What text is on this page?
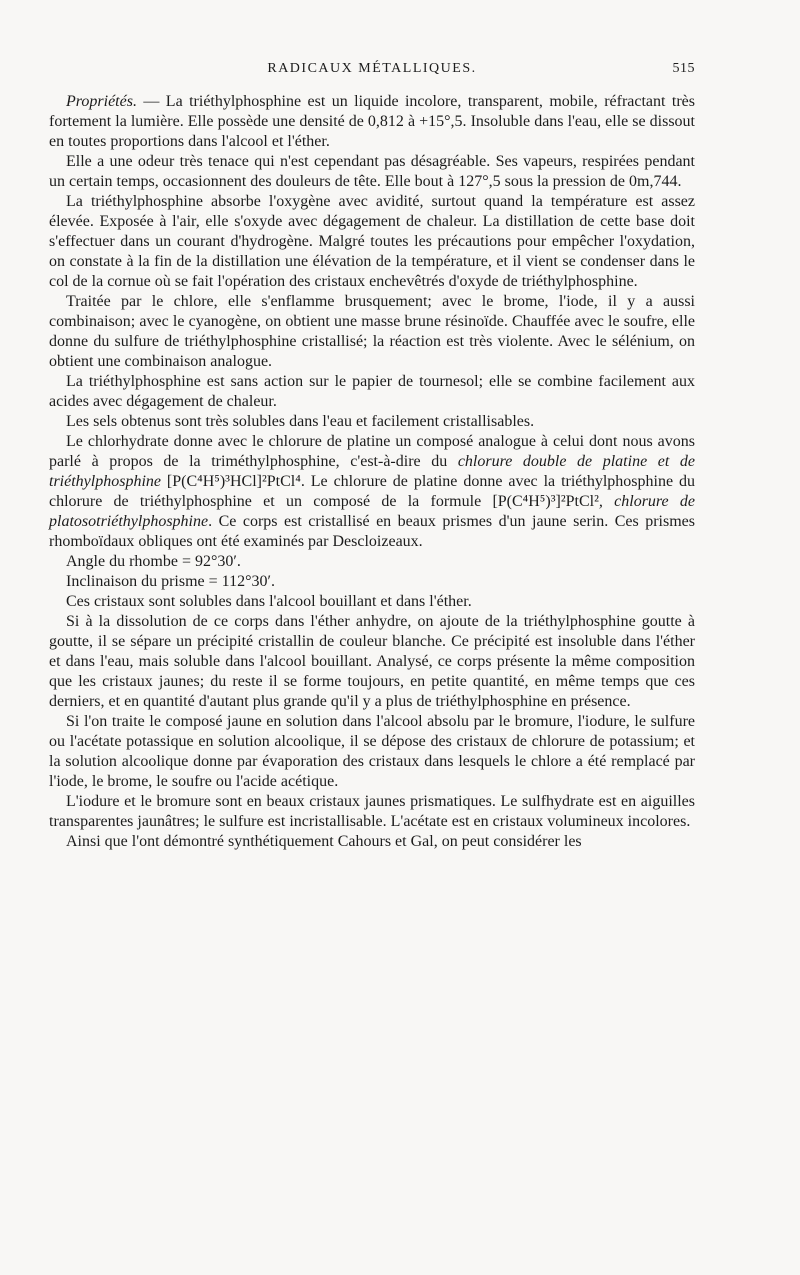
RADICAUX MÉTALLIQUES.	515

Propriétés. — La triéthylphosphine est un liquide incolore, transparent, mobile, réfractant très fortement la lumière. Elle possède une densité de 0,812 à +15°,5. Insoluble dans l'eau, elle se dissout en toutes proportions dans l'alcool et l'éther.

Elle a une odeur très tenace qui n'est cependant pas désagréable. Ses vapeurs, respirées pendant un certain temps, occasionnent des douleurs de tête. Elle bout à 127°,5 sous la pression de 0m,744.

La triéthylphosphine absorbe l'oxygène avec avidité, surtout quand la température est assez élevée. Exposée à l'air, elle s'oxyde avec dégagement de chaleur. La distillation de cette base doit s'effectuer dans un courant d'hydrogène. Malgré toutes les précautions pour empêcher l'oxydation, on constate à la fin de la distillation une élévation de la température, et il vient se condenser dans le col de la cornue où se fait l'opération des cristaux enchevêtrés d'oxyde de triéthylphosphine.

Traitée par le chlore, elle s'enflamme brusquement; avec le brome, l'iode, il y a aussi combinaison; avec le cyanogène, on obtient une masse brune résinoïde. Chauffée avec le soufre, elle donne du sulfure de triéthylphosphine cristallisé; la réaction est très violente. Avec le sélénium, on obtient une combinaison analogue.

La triéthylphosphine est sans action sur le papier de tournesol; elle se combine facilement aux acides avec dégagement de chaleur.

Les sels obtenus sont très solubles dans l'eau et facilement cristallisables.

Le chlorhydrate donne avec le chlorure de platine un composé analogue à celui dont nous avons parlé à propos de la triméthylphosphine, c'est-à-dire du chlorure double de platine et de triéthylphosphine [P(C⁴H⁵)³HCl]²PtCl⁴. Le chlorure de platine donne avec la triéthylphosphine du chlorure de triéthylphosphine et un composé de la formule [P(C⁴H⁵)³]²PtCl², chlorure de platosotriéthylphosphine. Ce corps est cristallisé en beaux prismes d'un jaune serin. Ces prismes rhomboïdaux obliques ont été examinés par Descloizeaux.

Angle du rhombe = 92°30′.

Inclinaison du prisme = 112°30′.

Ces cristaux sont solubles dans l'alcool bouillant et dans l'éther.

Si à la dissolution de ce corps dans l'éther anhydre, on ajoute de la triéthylphosphine goutte à goutte, il se sépare un précipité cristallin de couleur blanche. Ce précipité est insoluble dans l'éther et dans l'eau, mais soluble dans l'alcool bouillant. Analysé, ce corps présente la même composition que les cristaux jaunes; du reste il se forme toujours, en petite quantité, en même temps que ces derniers, et en quantité d'autant plus grande qu'il y a plus de triéthylphosphine en présence.

Si l'on traite le composé jaune en solution dans l'alcool absolu par le bromure, l'iodure, le sulfure ou l'acétate potassique en solution alcoolique, il se dépose des cristaux de chlorure de potassium; et la solution alcoolique donne par évaporation des cristaux dans lesquels le chlore a été remplacé par l'iode, le brome, le soufre ou l'acide acétique.

L'iodure et le bromure sont en beaux cristaux jaunes prismatiques. Le sulfhydrate est en aiguilles transparentes jaunâtres; le sulfure est incristallisable. L'acétate est en cristaux volumineux incolores.

Ainsi que l'ont démontré synthétiquement Cahours et Gal, on peut considérer les
